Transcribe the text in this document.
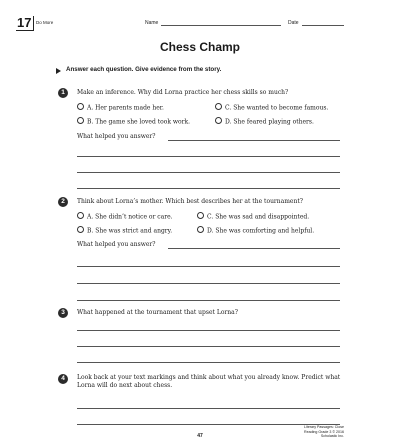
17 Do More	Name	Date
Chess Champ
Answer each question. Give evidence from the story.
1	Make an inference. Why did Lorna practice her chess skills so much?
A. Her parents made her.	C. She wanted to become famous.
B. The game she loved took work.	D. She feared playing others.
What helped you answer?
2	Think about Lorna’s mother. Which best describes her at the tournament?
A. She didn’t notice or care.	C. She was sad and disappointed.
B. She was strict and angry.	D. She was comforting and helpful.
What helped you answer?
3	What happened at the tournament that upset Lorna?
4	Look back at your text markings and think about what you already know. Predict what Lorna will do next about chess.
Literary Passages: Close Reading Grade 3 © 2016 Scholastic Inc.
47
